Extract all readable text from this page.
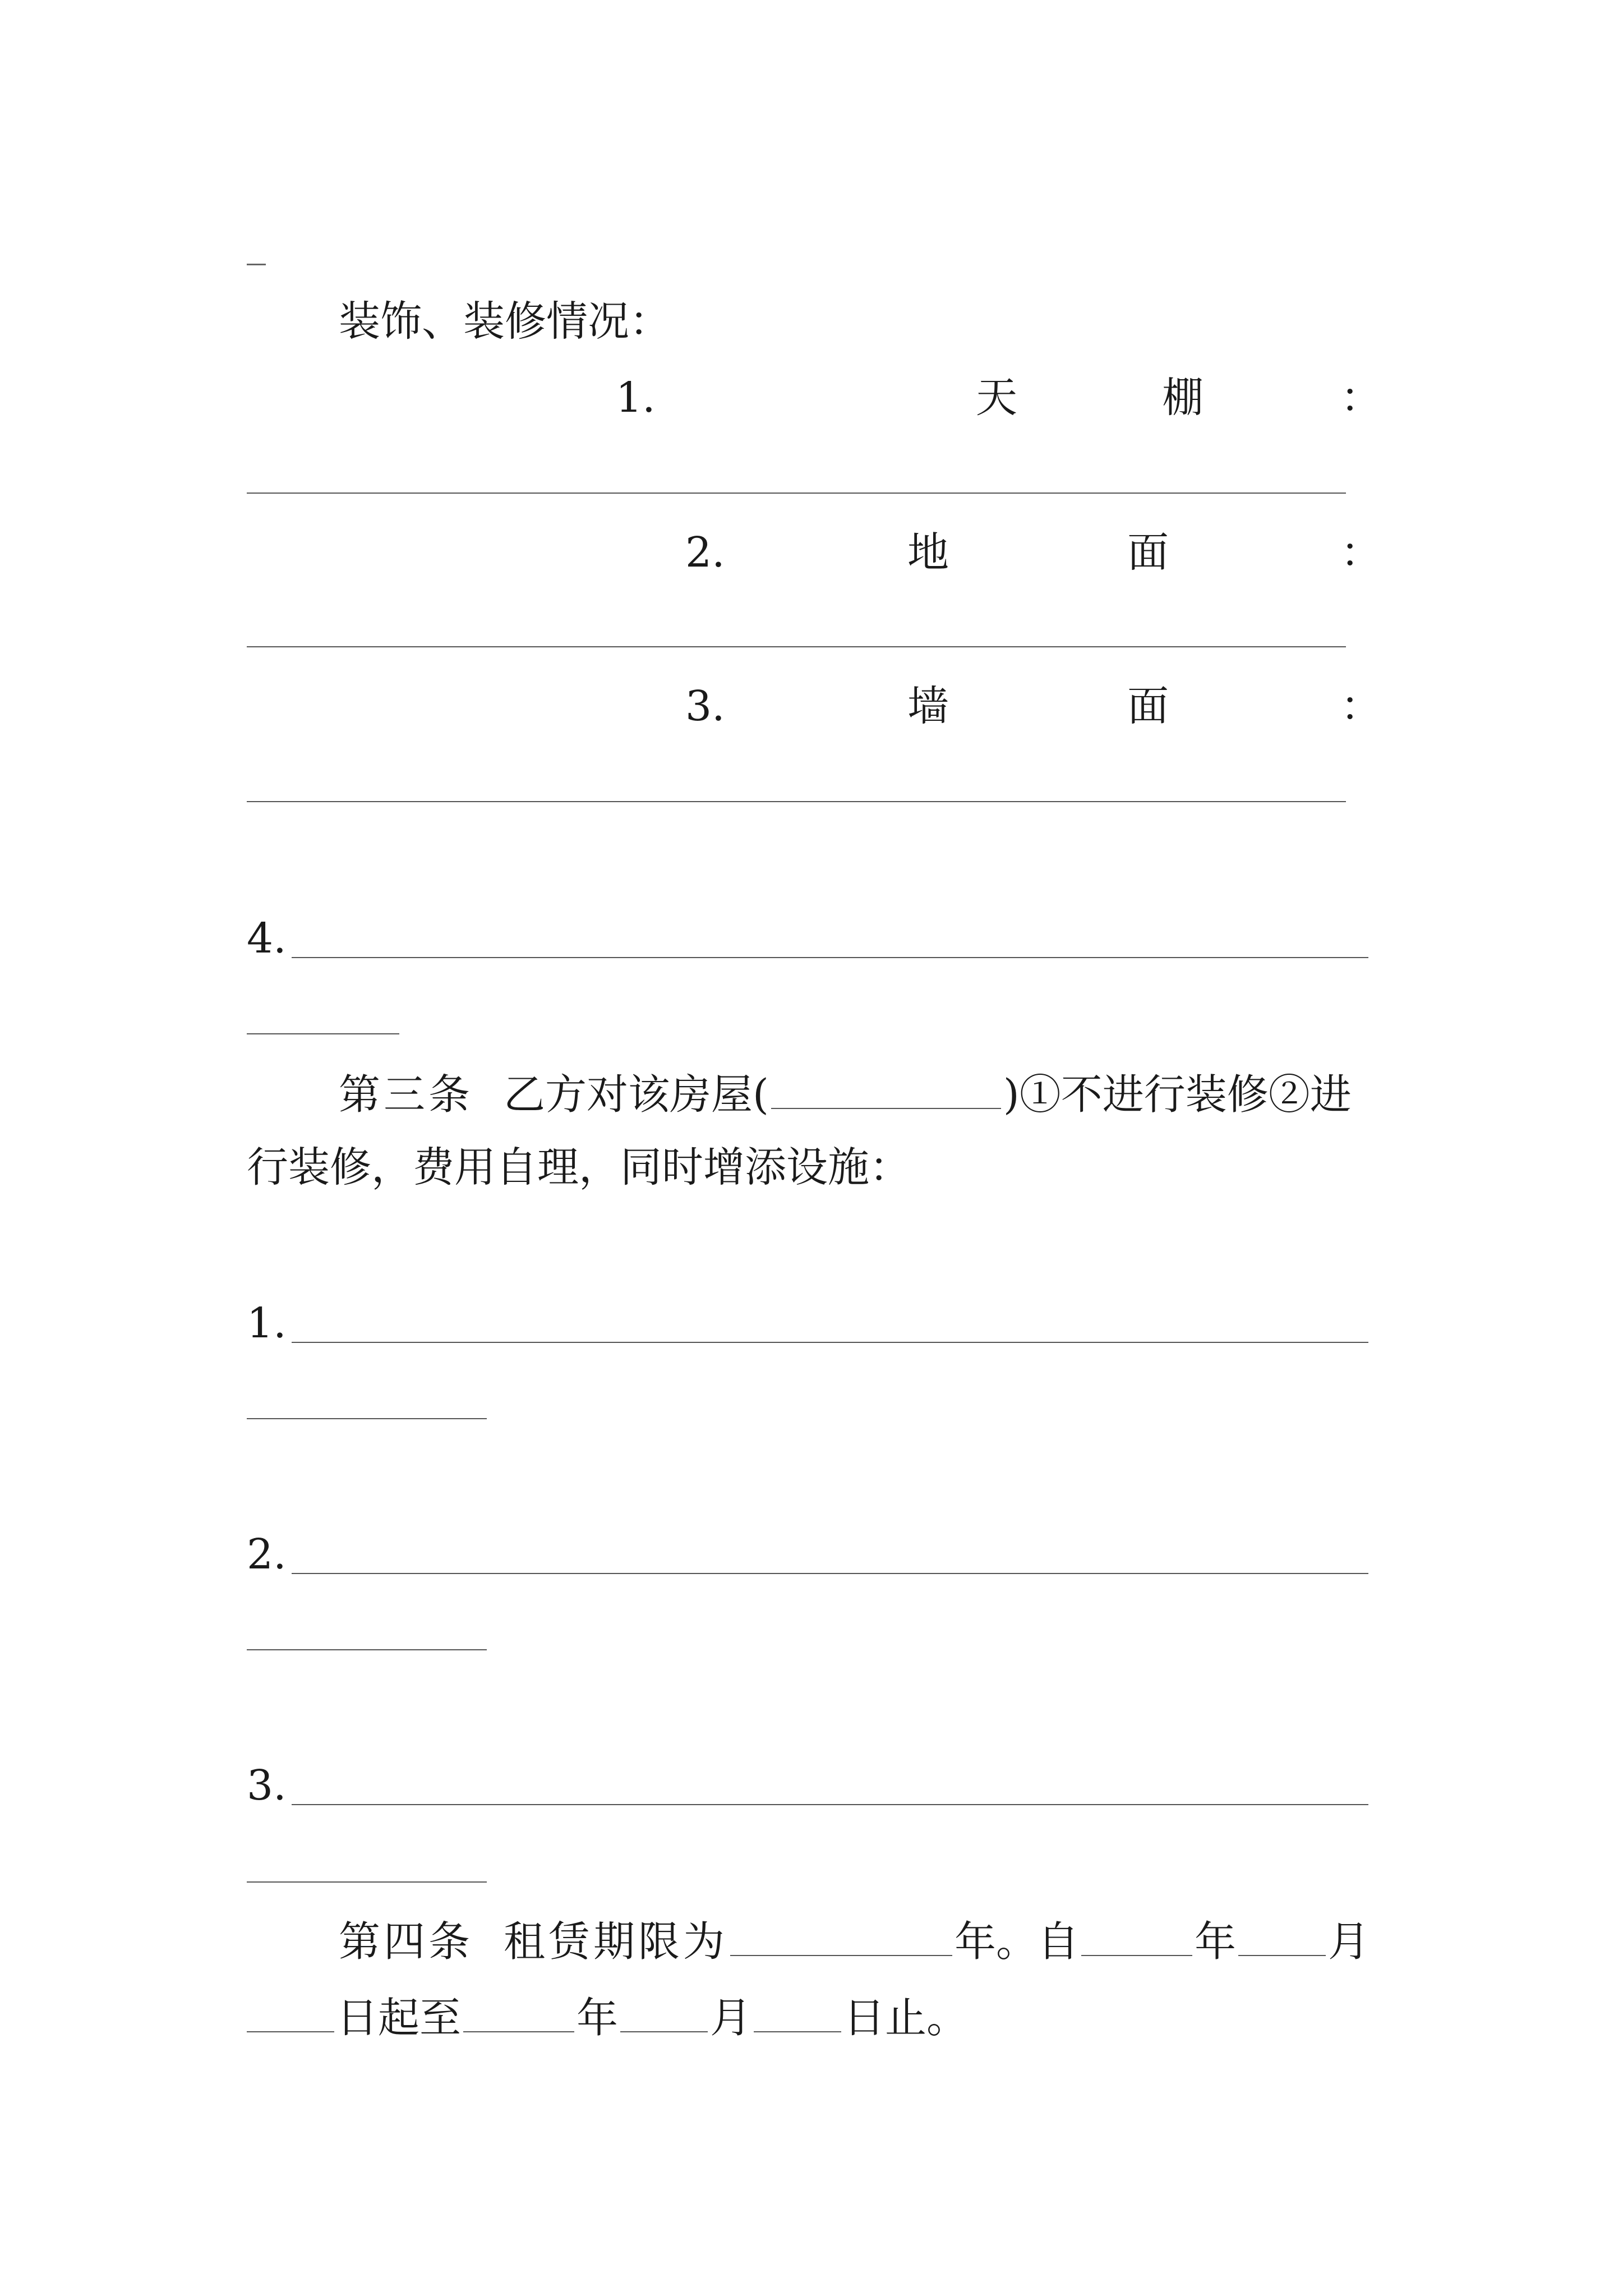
装饰、装修情况：
1.	天	棚	：
2.	地	面	：
3.	墙	面	：
4.
第三条 乙方对该房屋(	)①不进行装修②进
行装修，费用自理，同时增添设施：
1.
2.
3.
第四条 租赁期限为	年。自	年 月
日起至	年 月 日止。
